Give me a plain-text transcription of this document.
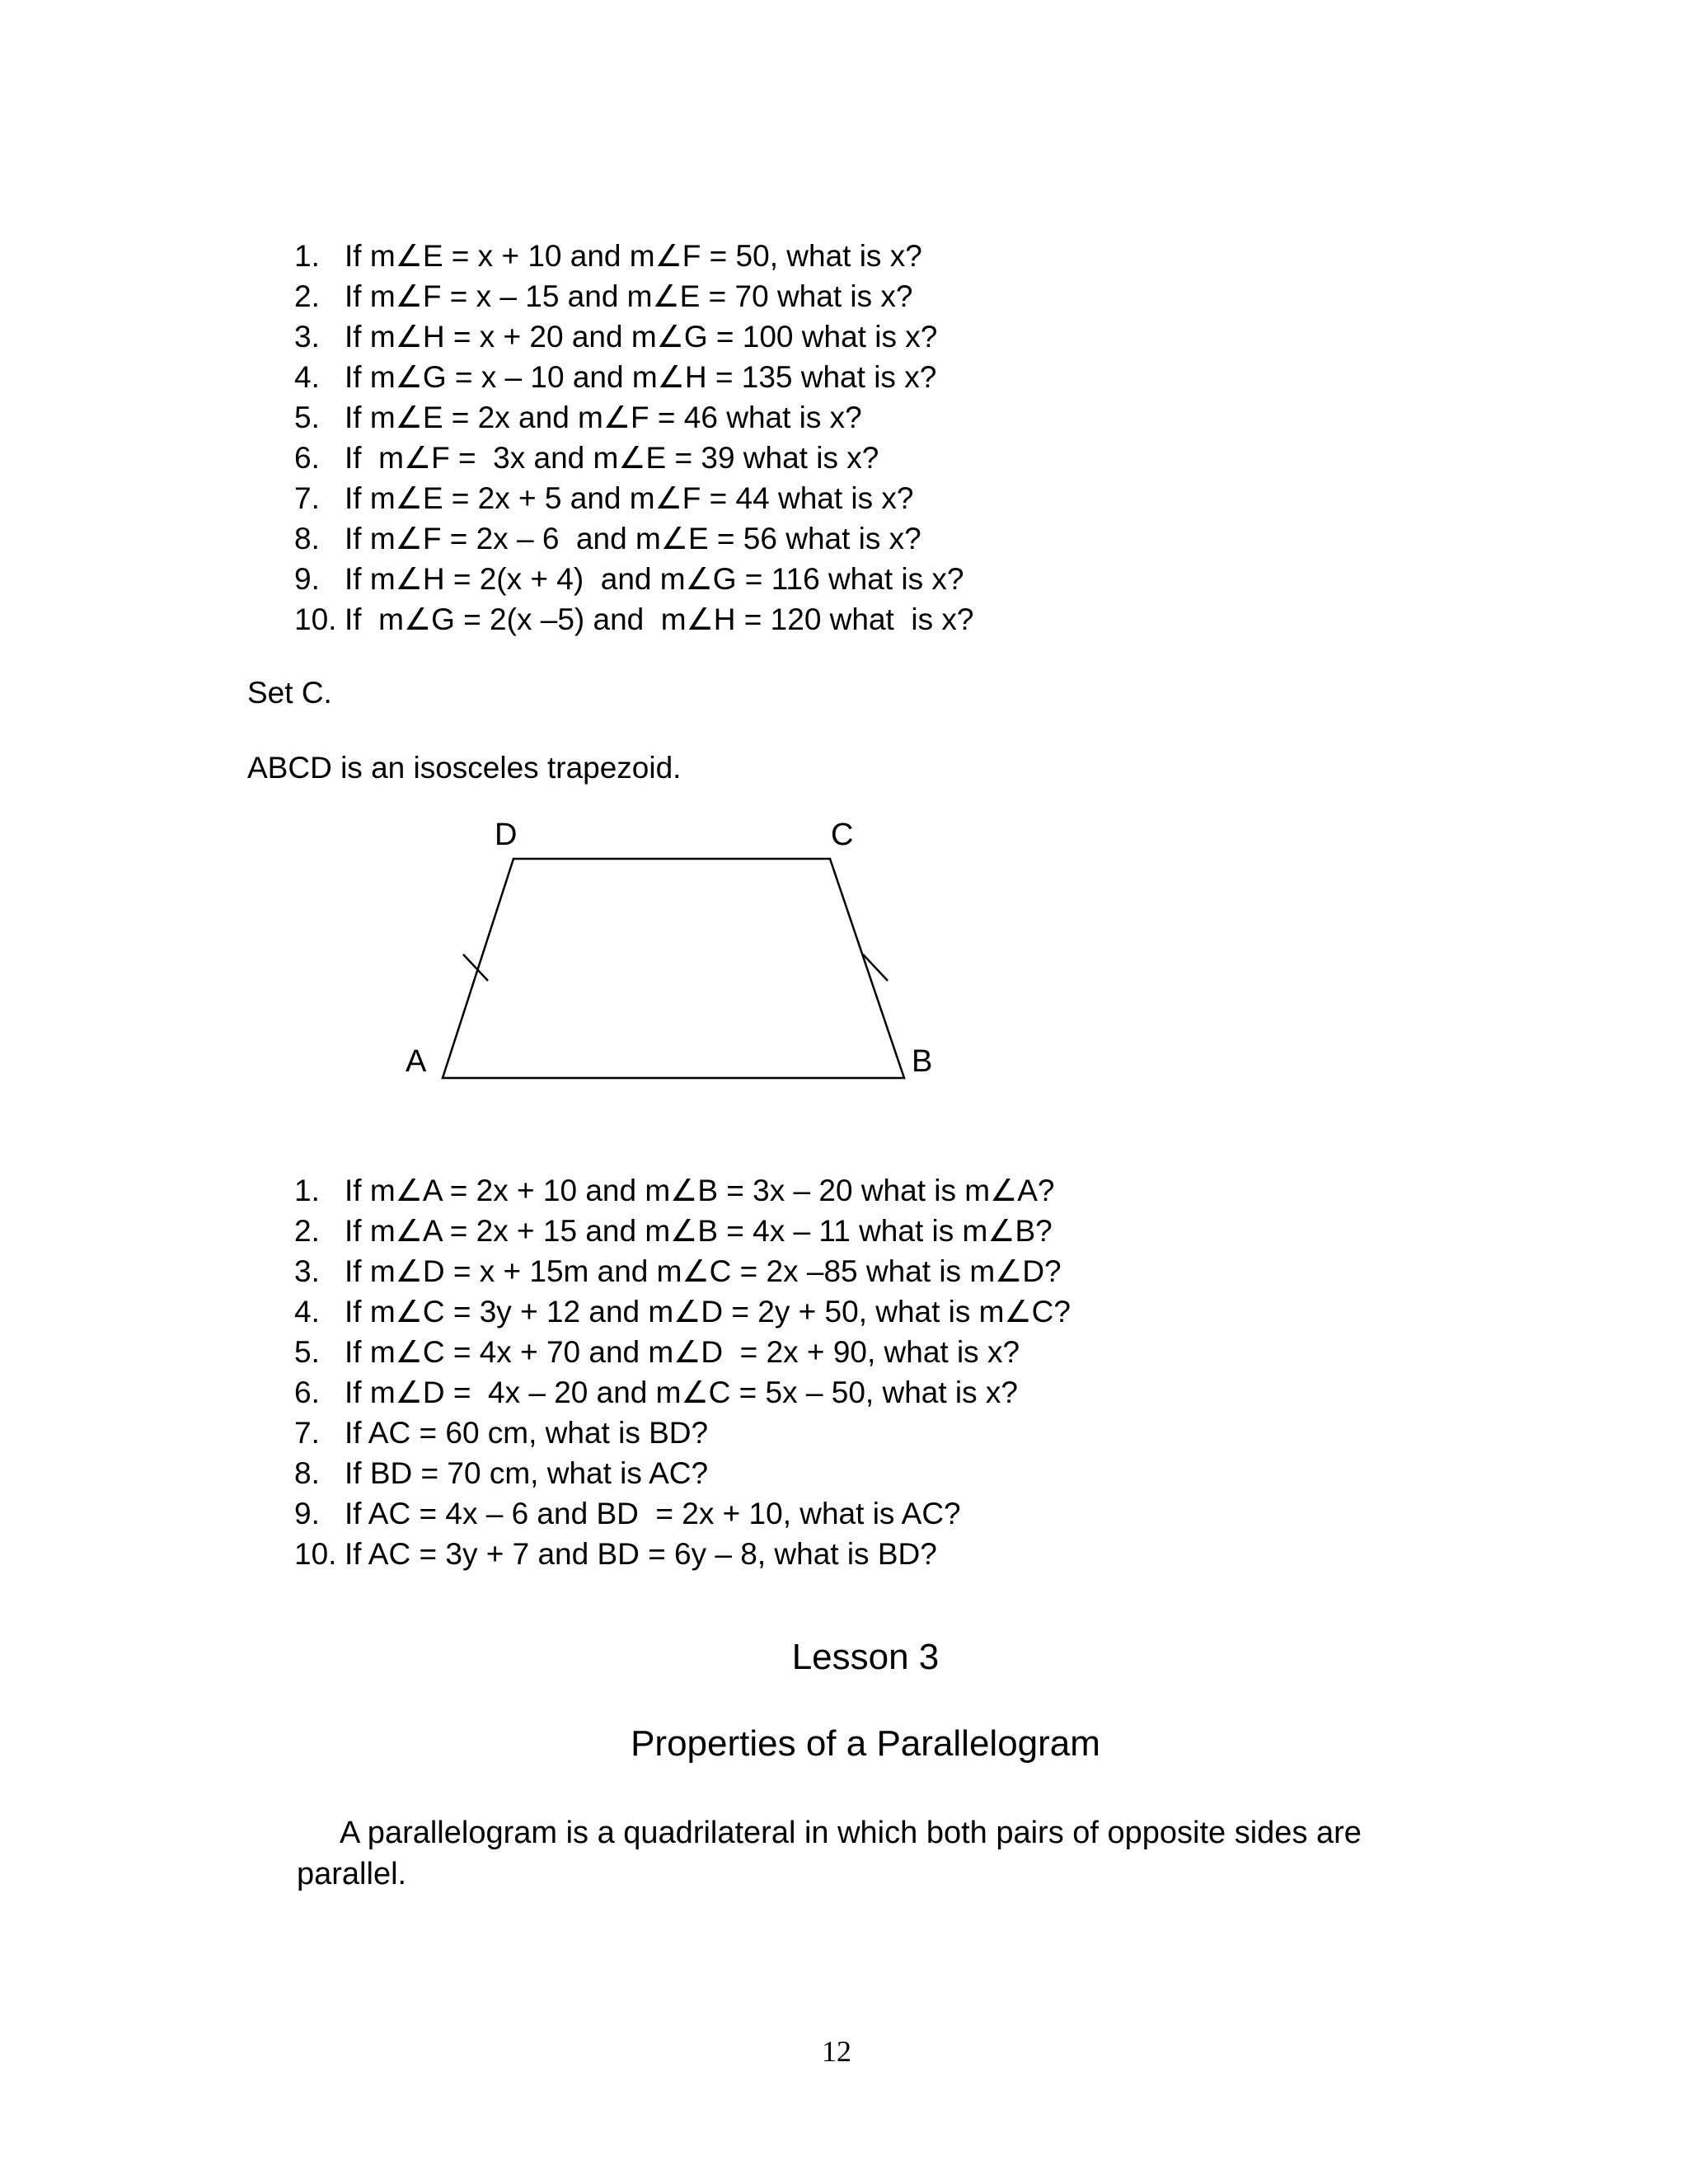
1. If m∠E = x + 10 and m∠F = 50, what is x?
2. If m∠F = x – 15 and m∠E = 70 what is x?
3. If m∠H = x + 20 and m∠G = 100 what is x?
4. If m∠G = x – 10 and m∠H = 135 what is x?
5. If m∠E = 2x and m∠F = 46 what is x?
6. If  m∠F =  3x and m∠E = 39 what is x?
7. If m∠E = 2x + 5 and m∠F = 44 what is x?
8. If m∠F = 2x – 6  and m∠E = 56 what is x?
9. If m∠H = 2(x + 4)  and m∠G = 116 what is x?
10. If  m∠G = 2(x –5) and  m∠H = 120 what  is x?
Set C.
ABCD is an isosceles trapezoid.
D	C
A	B
1. If m∠A = 2x + 10 and m∠B = 3x – 20 what is m∠A?
2. If m∠A = 2x + 15 and m∠B = 4x – 11 what is m∠B?
3. If m∠D = x + 15m and m∠C = 2x –85 what is m∠D?
4. If m∠C = 3y + 12 and m∠D = 2y + 50, what is m∠C?
5. If m∠C = 4x + 70 and m∠D  = 2x + 90, what is x?
6. If m∠D =  4x – 20 and m∠C = 5x – 50, what is x?
7. If AC = 60 cm, what is BD?
8. If BD = 70 cm, what is AC?
9. If AC = 4x – 6 and BD  = 2x + 10, what is AC?
10. If AC = 3y + 7 and BD = 6y – 8, what is BD?
Lesson 3
Properties of a Parallelogram
A parallelogram is a quadrilateral in which both pairs of opposite sides are parallel.
12
